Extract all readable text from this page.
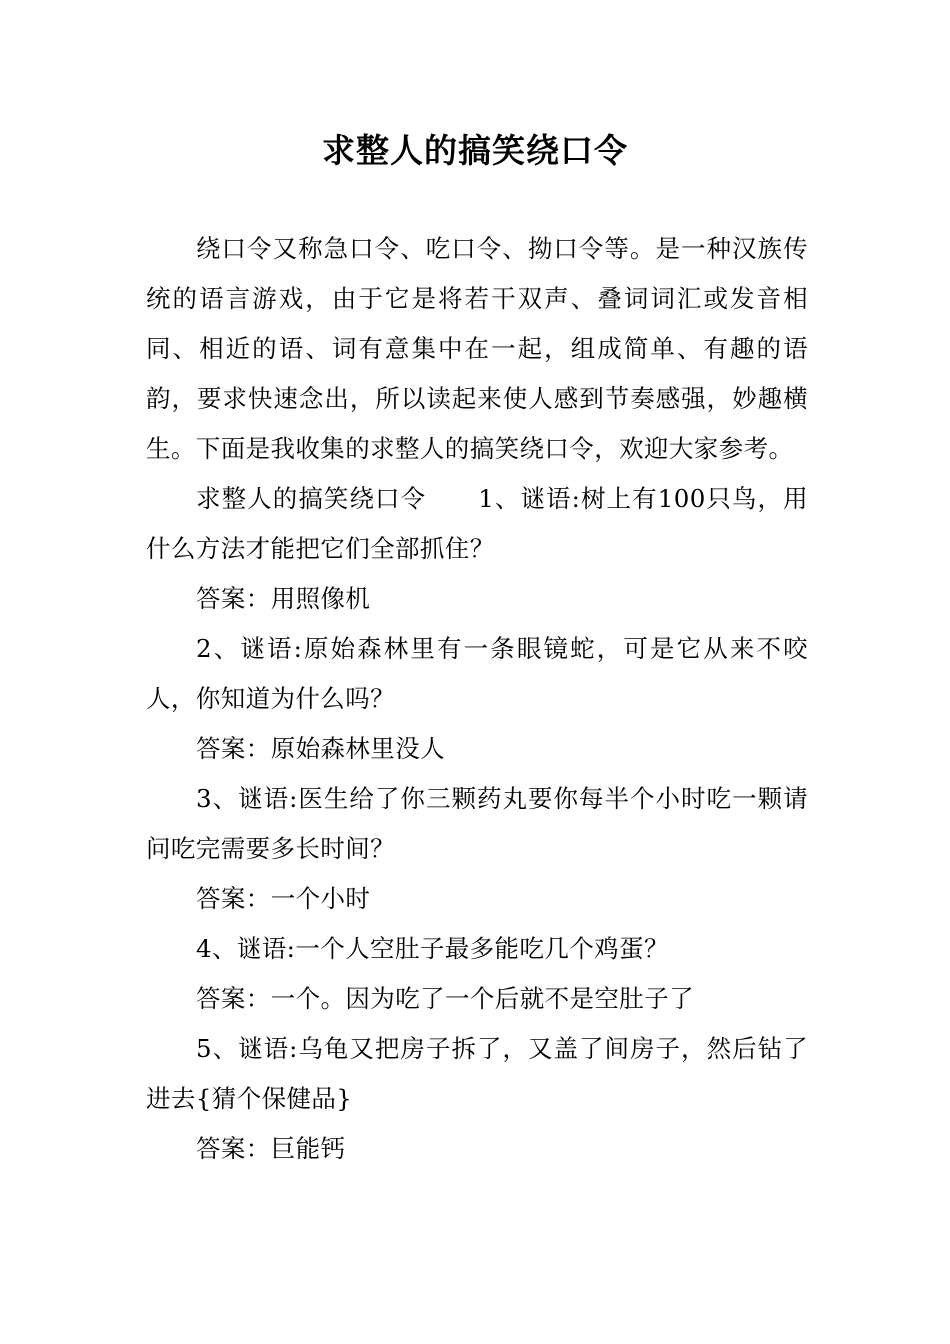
求整人的搞笑绕口令

绕口令又称急口令、吃口令、拗口令等。是一种汉族传统的语言游戏，由于它是将若干双声、叠词词汇或发音相同、相近的语、词有意集中在一起，组成简单、有趣的语韵，要求快速念出，所以读起来使人感到节奏感强，妙趣横生。下面是我收集的求整人的搞笑绕口令，欢迎大家参考。

求整人的搞笑绕口令 1、谜语:树上有100只鸟，用什么方法才能把它们全部抓住？

答案：用照像机

2、谜语:原始森林里有一条眼镜蛇，可是它从来不咬人，你知道为什么吗？

答案：原始森林里没人

3、谜语:医生给了你三颗药丸要你每半个小时吃一颗请问吃完需要多长时间？

答案：一个小时

4、谜语:一个人空肚子最多能吃几个鸡蛋？

答案：一个。因为吃了一个后就不是空肚子了

5、谜语:乌龟又把房子拆了，又盖了间房子，然后钻了进去{猜个保健品}

答案：巨能钙
